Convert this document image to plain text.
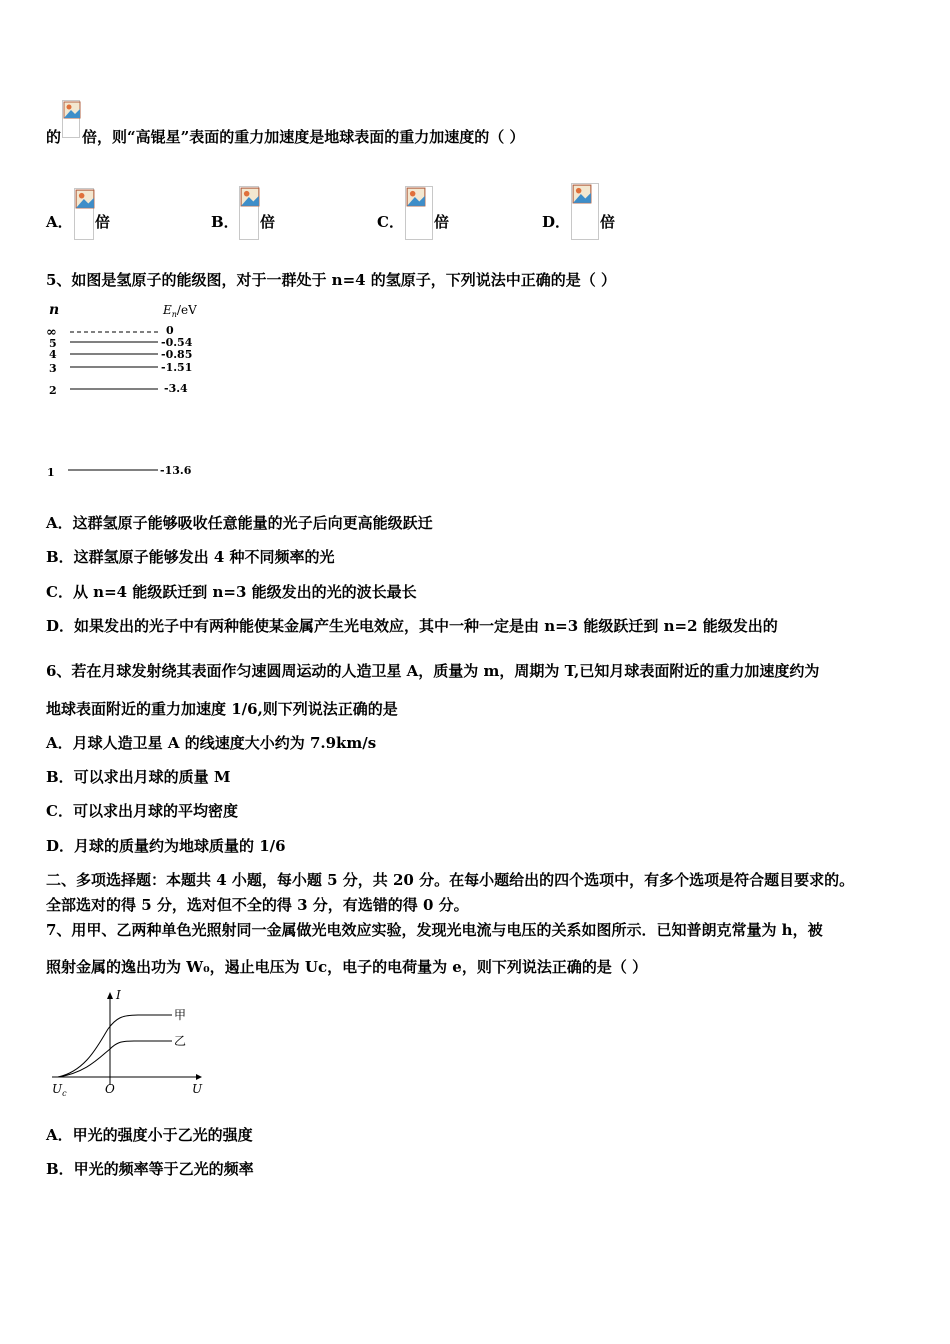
的 倍，则“高锟星”表面的重力加速度是地球表面的重力加速度的（ ）
A． 倍	B． 倍	C． 倍	D． 倍
5、如图是氢原子的能级图，对于一群处于 n=4 的氢原子，下列说法中正确的是（ ）
n	$E_n/eV$
∞
5
4
3
2
1
0
-0.54
-0.85
-1.51
-3.4
-13.6
A．这群氢原子能够吸收任意能量的光子后向更高能级跃迁
B．这群氢原子能够发出 4 种不同频率的光
C．从 n=4 能级跃迁到 n=3 能级发出的光的波长最长
D．如果发出的光子中有两种能使某金属产生光电效应，其中一种一定是由 n=3 能级跃迁到 n=2 能级发出的
6、若在月球发射绕其表面作匀速圆周运动的人造卫星 A，质量为 m，周期为 T,已知月球表面附近的重力加速度约为
地球表面附近的重力加速度 1/6,则下列说法正确的是
A．月球人造卫星 A 的线速度大小约为 7.9km/s
B．可以求出月球的质量 M
C．可以求出月球的平均密度
D．月球的质量约为地球质量的 1/6
二、多项选择题：本题共 4 小题，每小题 5 分，共 20 分。在每小题给出的四个选项中，有多个选项是符合题目要求的。
全部选对的得 5 分，选对但不全的得 3 分，有选错的得 0 分。
7、用甲、乙两种单色光照射同一金属做光电效应实验，发现光电流与电压的关系如图所示．已知普朗克常量为 h，被
照射金属的逸出功为 W₀，遏止电压为 Uc，电子的电荷量为 e，则下列说法正确的是（ ）
I
U
O
$U_c$
甲
乙
A．甲光的强度小于乙光的强度
B．甲光的频率等于乙光的频率
